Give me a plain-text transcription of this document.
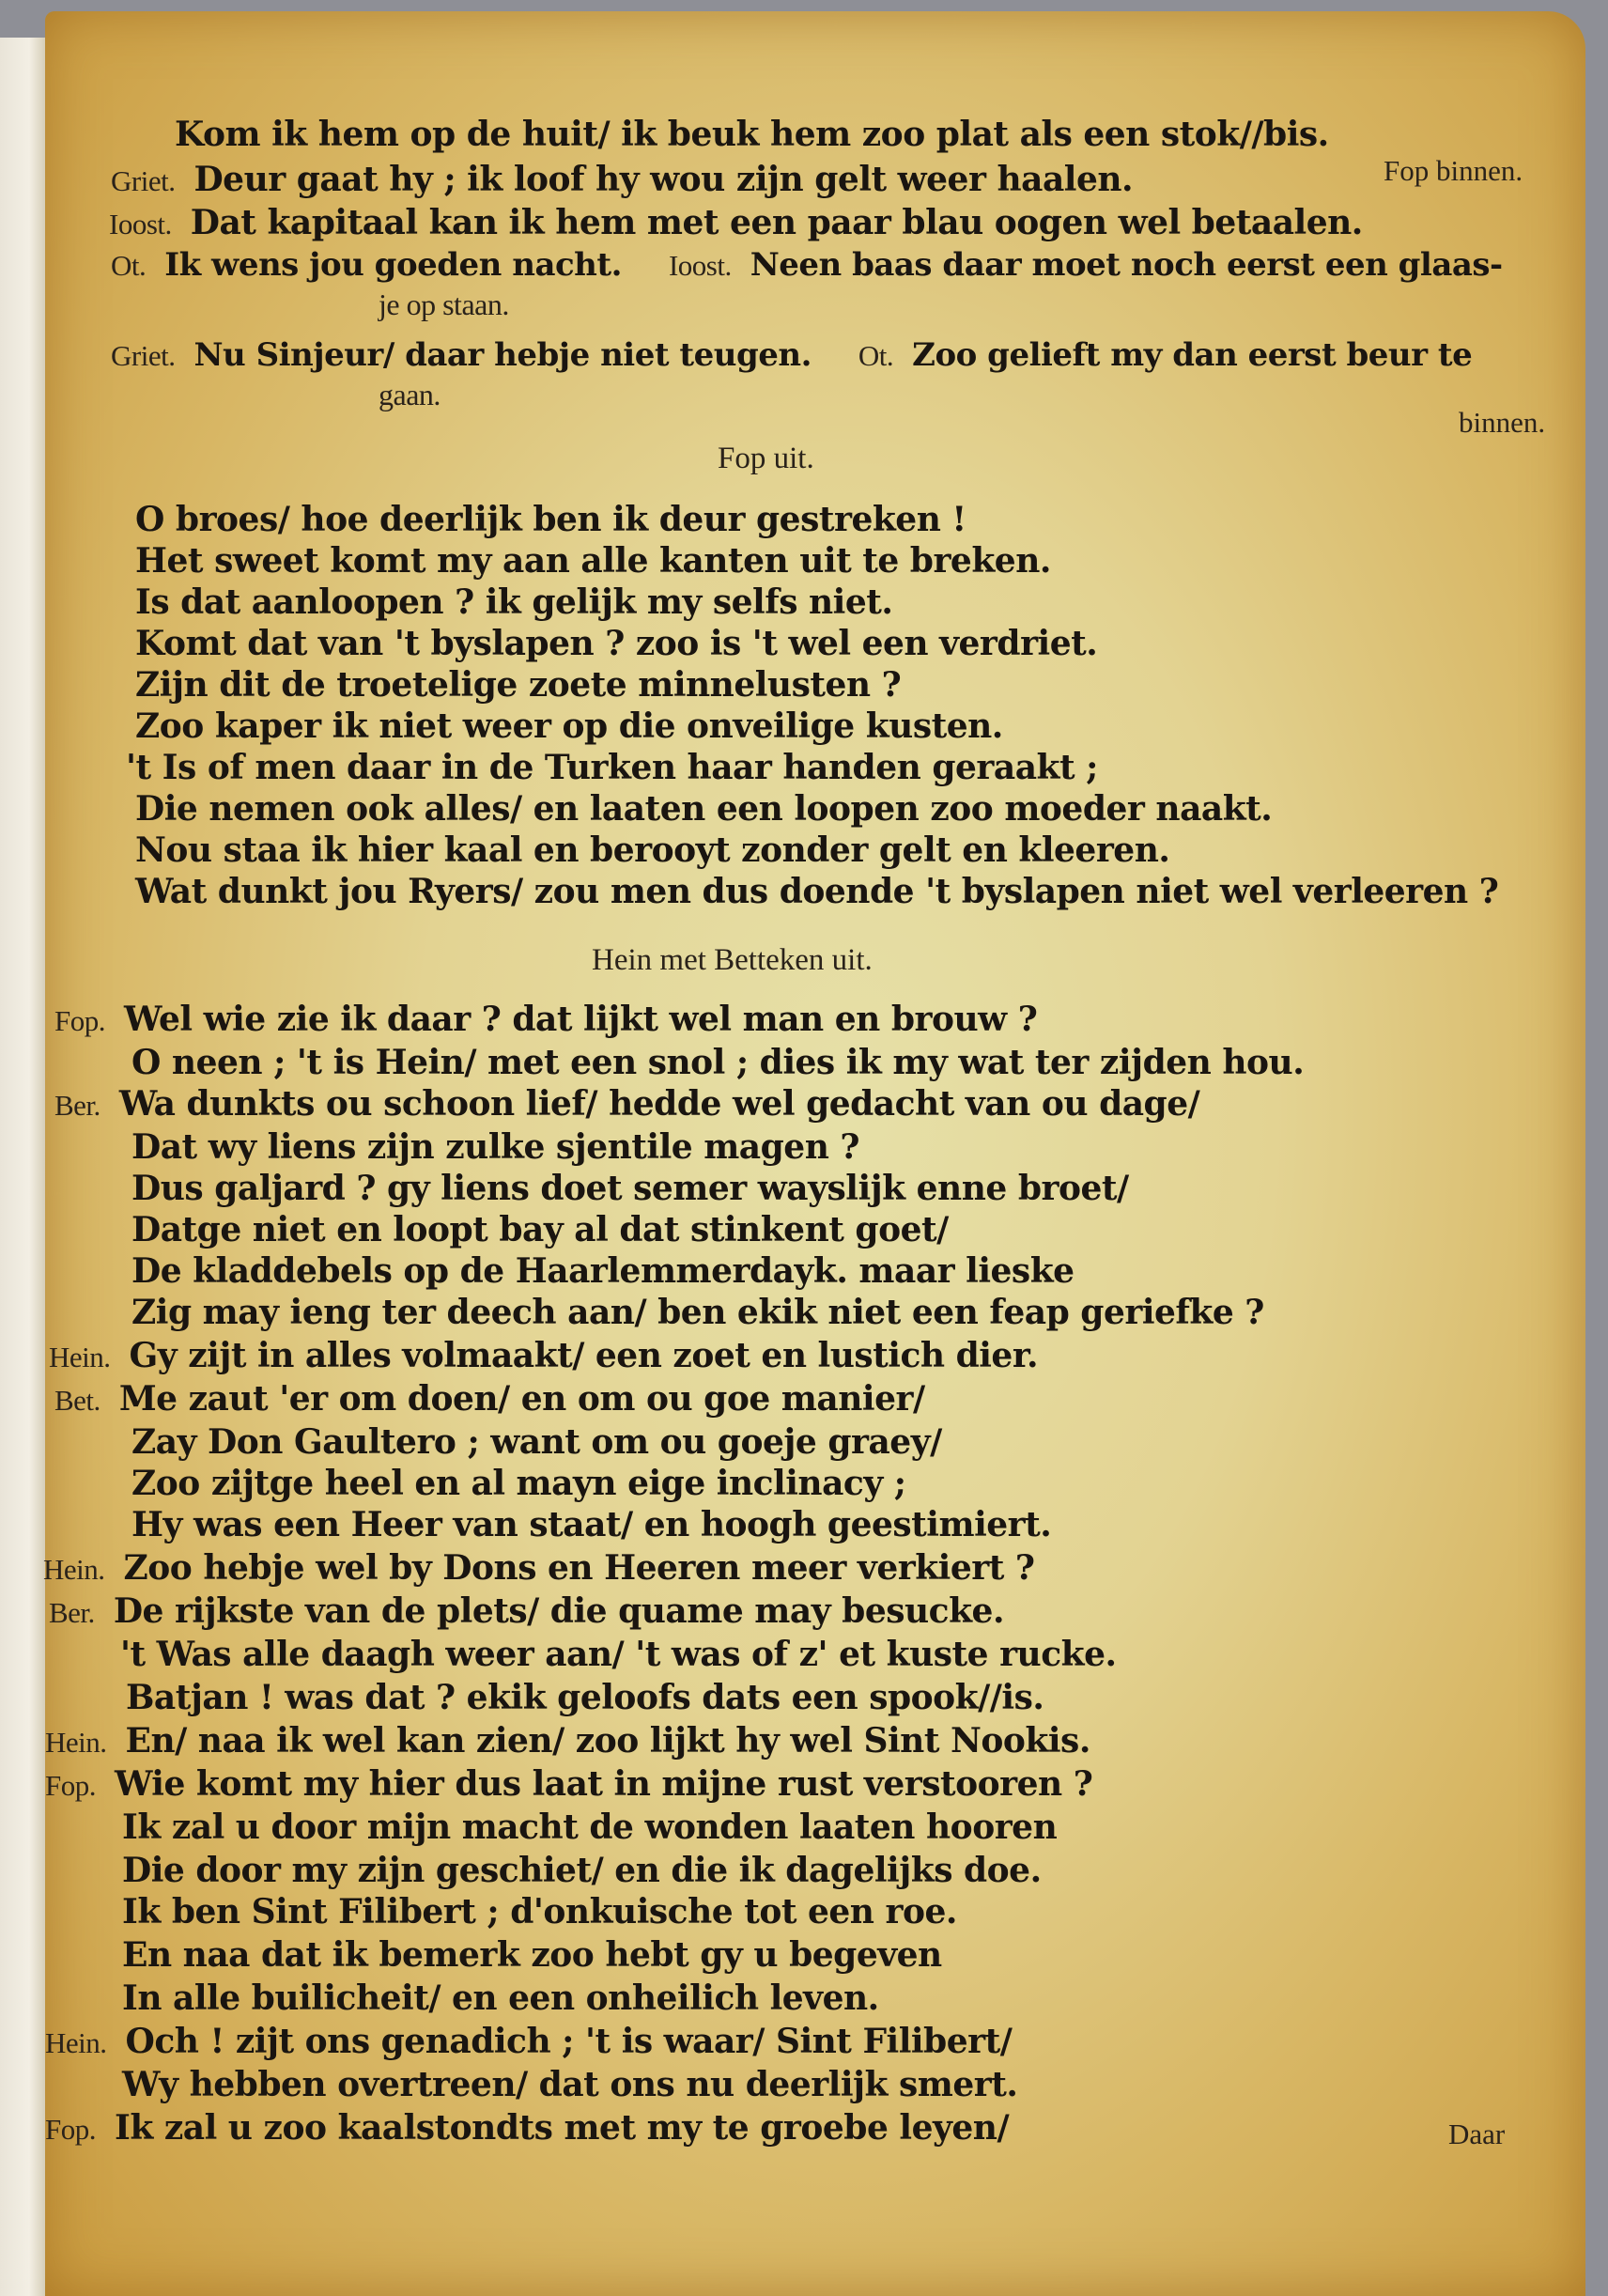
Kom ik hem op de huit/ ik beuk hem zoo plat als een stok//bis.
Griet. Deur gaat hy ; ik loof hy wou zijn gelt weer haalen.
Ioost. Dat kapitaal kan ik hem met een paar blau oogen wel betaalen.
Ot. Ik wens jou goeden nacht. Ioost. Neen baas daar moet noch eerst een glaas-
je op staan.
Griet. Nu Sinjeur/ daar hebje niet teugen. Ot. Zoo gelieft my dan eerst beur te
gaan.
Fop binnen.
binnen.
Fop uit.
O broes/ hoe deerlijk ben ik deur gestreken !
Het sweet komt my aan alle kanten uit te breken.
Is dat aanloopen ? ik gelijk my selfs niet.
Komt dat van 't byslapen ? zoo is 't wel een verdriet.
Zijn dit de troetelige zoete minnelusten ?
Zoo kaper ik niet weer op die onveilige kusten.
't Is of men daar in de Turken haar handen geraakt ;
Die nemen ook alles/ en laaten een loopen zoo moeder naakt.
Nou staa ik hier kaal en berooyt zonder gelt en kleeren.
Wat dunkt jou Ryers/ zou men dus doende 't byslapen niet wel verleeren ?
Hein met Betteken uit.
Fop. Wel wie zie ik daar ? dat lijkt wel man en brouw ?
O neen ; 't is Hein/ met een snol ; dies ik my wat ter zijden hou.
Ber. Wa dunkts ou schoon lief/ hedde wel gedacht van ou dage/
Dat wy liens zijn zulke sjentile magen ?
Dus galjard ? gy liens doet semer wayslijk enne broet/
Datge niet en loopt bay al dat stinkent goet/
De kladdebels op de Haarlemmerdayk. maar lieske
Zig may ieng ter deech aan/ ben ekik niet een feap geriefke ?
Hein. Gy zijt in alles volmaakt/ een zoet en lustich dier.
Bet. Me zaut 'er om doen/ en om ou goe manier/
Zay Don Gaultero ; want om ou goeje graey/
Zoo zijtge heel en al mayn eige inclinacy ;
Hy was een Heer van staat/ en hoogh geestimiert.
Hein. Zoo hebje wel by Dons en Heeren meer verkiert ?
Ber. De rijkste van de plets/ die quame may besucke.
't Was alle daagh weer aan/ 't was of z' et kuste rucke.
Batjan ! was dat ? ekik geloofs dats een spook//is.
Hein. En/ naa ik wel kan zien/ zoo lijkt hy wel Sint Nookis.
Fop. Wie komt my hier dus laat in mijne rust verstooren ?
Ik zal u door mijn macht de wonden laaten hooren
Die door my zijn geschiet/ en die ik dagelijks doe.
Ik ben Sint Filibert ; d'onkuische tot een roe.
En naa dat ik bemerk zoo hebt gy u begeven
In alle builicheit/ en een onheilich leven.
Hein. Och ! zijt ons genadich ; 't is waar/ Sint Filibert/
Wy hebben overtreen/ dat ons nu deerlijk smert.
Fop. Ik zal u zoo kaalstondts met my te groebe leyen/	Daar
